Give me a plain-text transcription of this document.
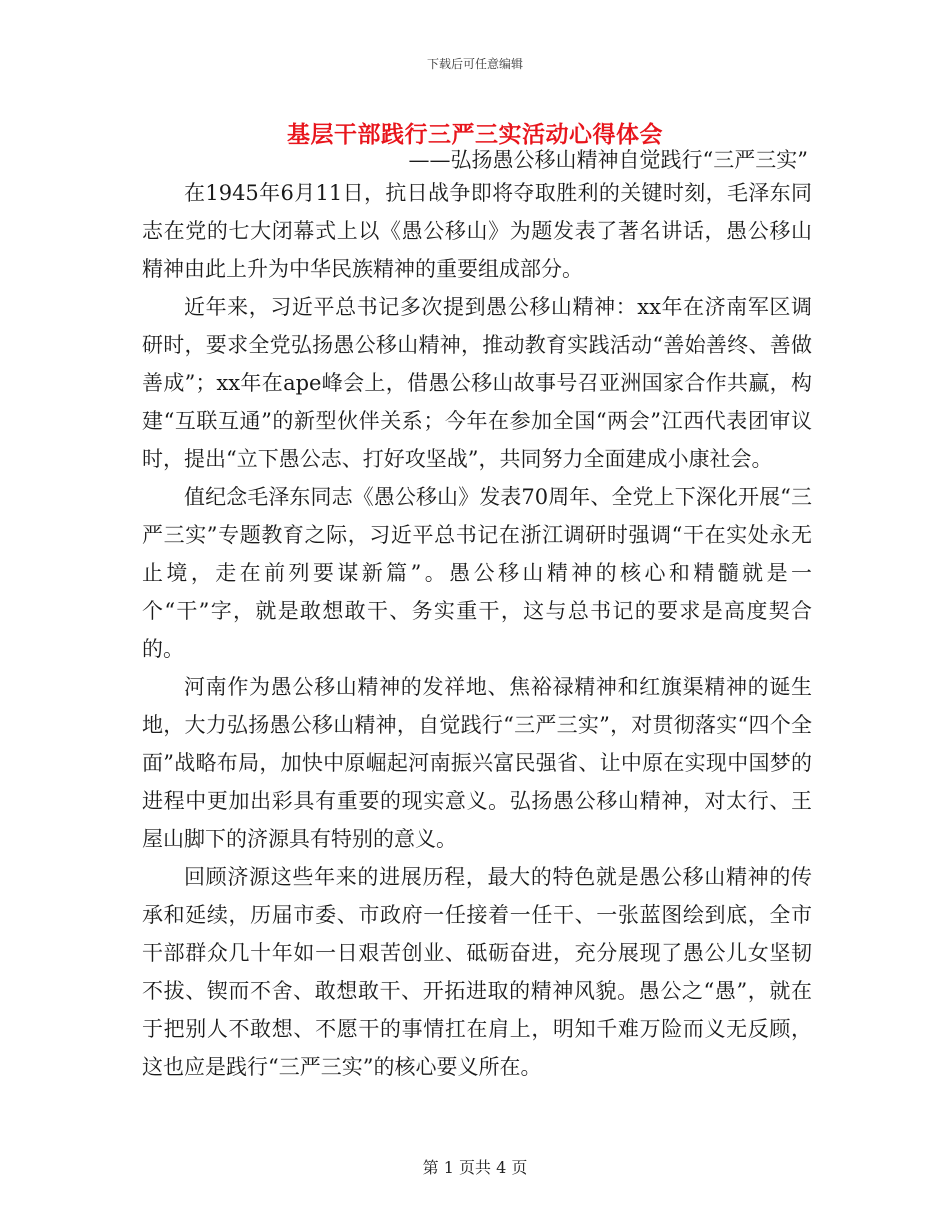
下载后可任意编辑
基层干部践行三严三实活动心得体会
——弘扬愚公移山精神自觉践行“三严三实”

在1945年6月11日，抗日战争即将夺取胜利的关键时刻，毛泽东同志在党的七大闭幕式上以《愚公移山》为题发表了著名讲话，愚公移山精神由此上升为中华民族精神的重要组成部分。

近年来，习近平总书记多次提到愚公移山精神：xx年在济南军区调研时，要求全党弘扬愚公移山精神，推动教育实践活动“善始善终、善做善成”；xx年在ape峰会上，借愚公移山故事号召亚洲国家合作共赢，构建“互联互通”的新型伙伴关系；今年在参加全国“两会”江西代表团审议时，提出“立下愚公志、打好攻坚战”，共同努力全面建成小康社会。

值纪念毛泽东同志《愚公移山》发表70周年、全党上下深化开展“三严三实”专题教育之际，习近平总书记在浙江调研时强调“干在实处永无止境，走在前列要谋新篇”。愚公移山精神的核心和精髓就是一个“干”字，就是敢想敢干、务实重干，这与总书记的要求是高度契合的。

河南作为愚公移山精神的发祥地、焦裕禄精神和红旗渠精神的诞生地，大力弘扬愚公移山精神，自觉践行“三严三实”，对贯彻落实“四个全面”战略布局，加快中原崛起河南振兴富民强省、让中原在实现中国梦的进程中更加出彩具有重要的现实意义。弘扬愚公移山精神，对太行、王屋山脚下的济源具有特别的意义。

回顾济源这些年来的进展历程，最大的特色就是愚公移山精神的传承和延续，历届市委、市政府一任接着一任干、一张蓝图绘到底，全市干部群众几十年如一日艰苦创业、砥砺奋进，充分展现了愚公儿女坚韧不拔、锲而不舍、敢想敢干、开拓进取的精神风貌。愚公之“愚”，就在于把别人不敢想、不愿干的事情扛在肩上，明知千难万险而义无反顾，这也应是践行“三严三实”的核心要义所在。

第 1 页共 4 页
